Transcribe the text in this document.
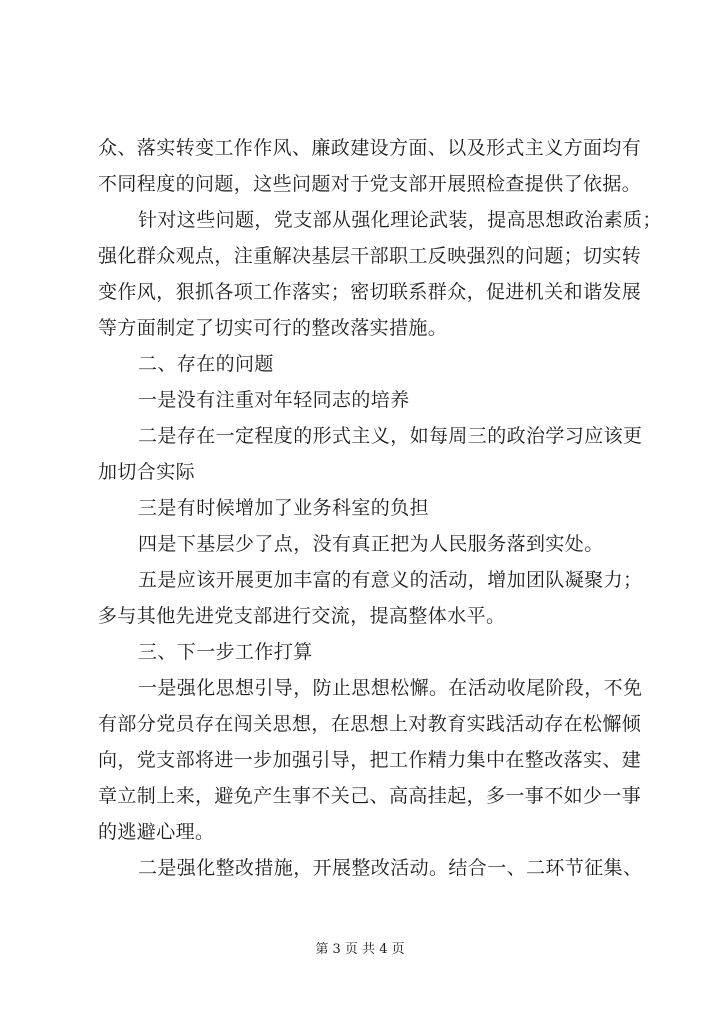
众、落实转变工作作风、廉政建设方面、以及形式主义方面均有
不同程度的问题，这些问题对于党支部开展照检查提供了依据。
针对这些问题，党支部从强化理论武装，提高思想政治素质；
强化群众观点，注重解决基层干部职工反映强烈的问题；切实转
变作风，狠抓各项工作落实；密切联系群众，促进机关和谐发展
等方面制定了切实可行的整改落实措施。
二、存在的问题
一是没有注重对年轻同志的培养
二是存在一定程度的形式主义，如每周三的政治学习应该更
加切合实际
三是有时候增加了业务科室的负担
四是下基层少了点，没有真正把为人民服务落到实处。
五是应该开展更加丰富的有意义的活动，增加团队凝聚力；
多与其他先进党支部进行交流，提高整体水平。
三、下一步工作打算
一是强化思想引导，防止思想松懈。在活动收尾阶段，不免
有部分党员存在闯关思想，在思想上对教育实践活动存在松懈倾
向，党支部将进一步加强引导，把工作精力集中在整改落实、建
章立制上来，避免产生事不关己、高高挂起，多一事不如少一事
的逃避心理。
二是强化整改措施，开展整改活动。结合一、二环节征集、
第 3 页 共 4 页
